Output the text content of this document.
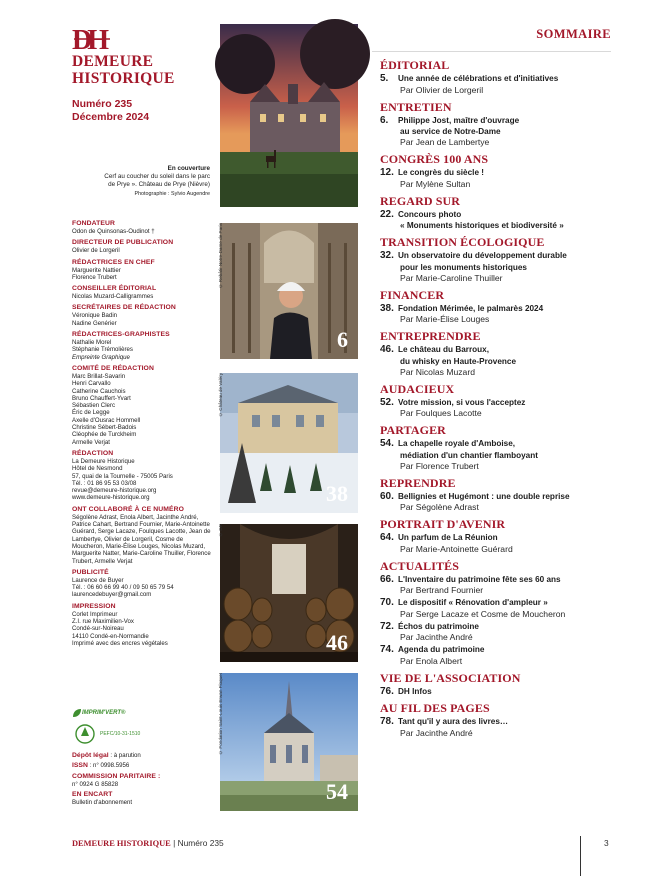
DH
DEMEURE
HISTORIQUE
Numéro 235
Décembre 2024
En couverture
Cerf au coucher du soleil dans le parc
de Prye ». Château de Prye (Nièvre)
Photographie : Sylvio Augendre
FONDATEUR
Odon de Quinsonas-Oudinot †
DIRECTEUR DE PUBLICATION
Olivier de Lorgeril
RÉDACTRICES EN CHEF
Marguerite Nattier
Florence Trubert
CONSEILLER ÉDITORIAL
Nicolas Muzard-Calligrammes
SECRÉTAIRES DE RÉDACTION
Véronique Badin
Nadine Genérier
RÉDACTRICES-GRAPHISTES
Nathalie Morel
Stéphanie Trémolières
Empreinte Graphique
COMITÉ DE RÉDACTION
Marc Brillat-Savarin
Henri Carvallo
Catherine Cauchois
Bruno Chauffert-Yvart
Sébastien Clerc
Éric de Legge
Axelle d'Ousrac Hommell
Christine Sébert-Badois
Cléophée de Turckheim
Armelle Verjat
RÉDACTION
La Demeure Historique
Hôtel de Nesmond
57, quai de la Tournelle - 75005 Paris
Tél. : 01 86 95 53 03/08
revue@demeure-historique.org
www.demeure-historique.org
ONT COLLABORÉ À CE NUMÉRO
Ségolène Adrast, Enola Albert, Jacinthe André, Patrice Cahart, Bertrand Fournier, Marie-Antoinette Guérard, Serge Lacaze, Foulques Lacotte, Jean de Lambertye, Olivier de Lorgeril, Cosme de Moucheron, Marie-Élise Louges, Nicolas Muzard, Marguerite Natter, Marie-Caroline Thuiller, Florence Trubert, Armelle Verjat
PUBLICITÉ
Laurence de Buyer
Tél. : 06 60 66 99 40 / 09 50 65 79 54
laurencedebuyer@gmail.com
IMPRESSION
Corlet Imprimeur
Z.I. rue Maximilien-Vox
Condé-sur-Noireau
14110 Condé-en-Normandie
Imprimé avec des encres végétales
IMPRIM'VERT®
PEFC/10-31-1510
Dépôt légal : à parution
ISSN : n° 0998.5956
COMMISSION PARITAIRE :
n° 0924 G 85828
EN ENCART
Bulletin d'abonnement
© Rebâtir Notre-Dame de Paris
6
© Château de Valéry
38
© DR
46
© Fondation Saint-Louis Erwan Floquet
54
SOMMAIRE
ÉDITORIAL
5.	Une année de célébrations et d'initiatives
Par Olivier de Lorgeril
ENTRETIEN
6.	Philippe Jost, maître d'ouvrage
au service de Notre-Dame
Par Jean de Lambertye
CONGRÈS 100 ANS
12. Le congrès du siècle !
Par Mylène Sultan
REGARD SUR
22. Concours photo
« Monuments historiques et biodiversité »
TRANSITION ÉCOLOGIQUE
32. Un observatoire du développement durable
pour les monuments historiques
Par Marie-Caroline Thuiller
FINANCER
38. Fondation Mérimée, le palmarès 2024
Par Marie-Élise Louges
ENTREPRENDRE
46. Le château du Barroux,
du whisky en Haute-Provence
Par Nicolas Muzard
AUDACIEUX
52. Votre mission, si vous l'acceptez
Par Foulques Lacotte
PARTAGER
54. La chapelle royale d'Amboise,
médiation d'un chantier flamboyant
Par Florence Trubert
REPRENDRE
60. Bellignies et Hugémont : une double reprise
Par Ségolène Adrast
PORTRAIT D'AVENIR
64. Un parfum de La Réunion
Par Marie-Antoinette Guérard
ACTUALITÉS
66. L'Inventaire du patrimoine fête ses 60 ans
Par Bertrand Fournier
70. Le dispositif « Rénovation d'ampleur »
Par Serge Lacaze et Cosme de Moucheron
72. Échos du patrimoine
Par Jacinthe André
74. Agenda du patrimoine
Par Enola Albert
VIE DE L'ASSOCIATION
76. DH Infos
AU FIL DES PAGES
78. Tant qu'il y aura des livres…
Par Jacinthe André
DEMEURE HISTORIQUE | Numéro 235	3
